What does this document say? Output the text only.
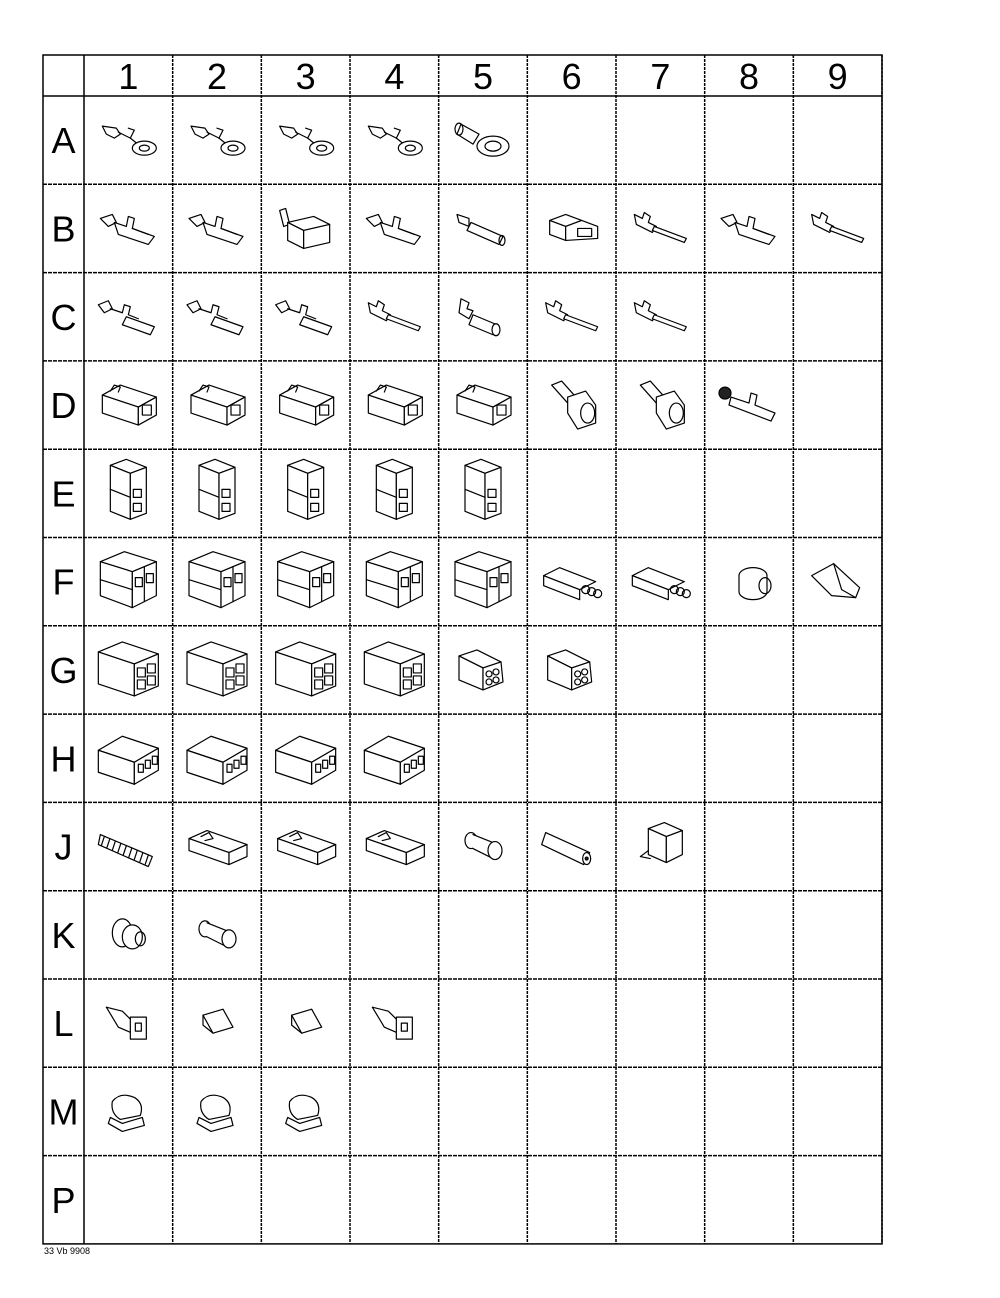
1 2 3 4 5 6 7 8 9
A
B
C
D
E
F
G
H
J
K
L
M
P
33 Vb 9908
